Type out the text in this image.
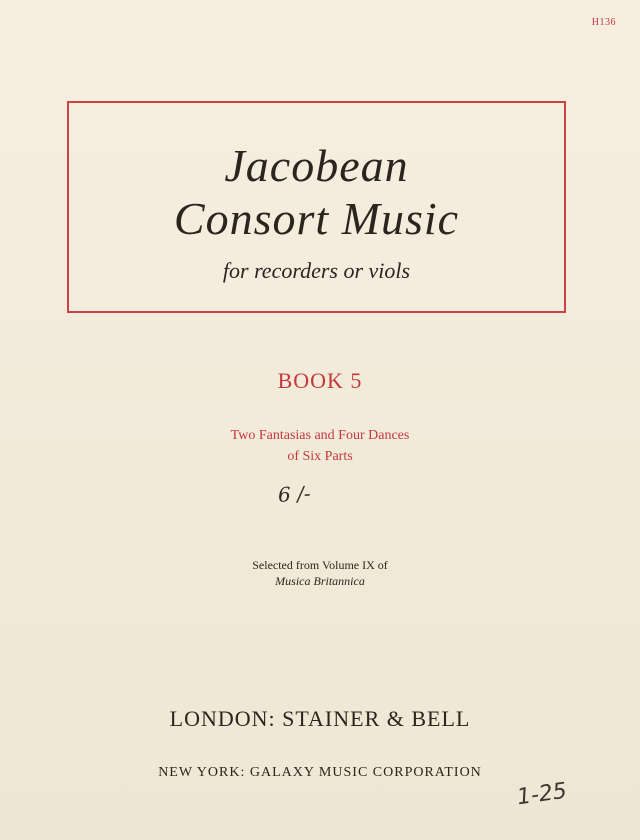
H136
Jacobean
Consort Music
for recorders or viols
BOOK 5
Two Fantasias and Four Dances
of Six Parts
6 /-
Selected from Volume IX of
Musica Britannica
LONDON: STAINER & BELL
NEW YORK: GALAXY MUSIC CORPORATION
1-25
